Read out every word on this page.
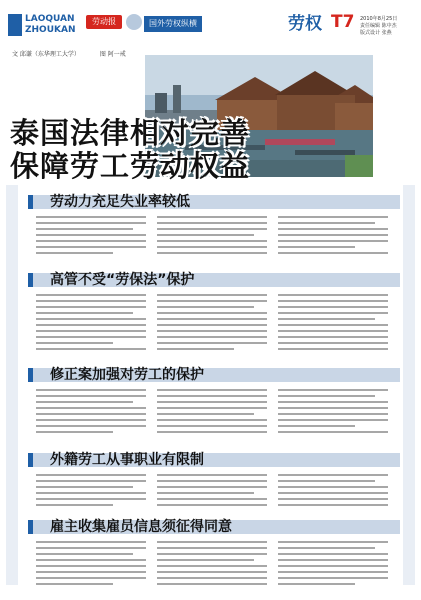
LAOQUAN
ZHOUKAN
劳动报	国外劳权纵横	劳权 T7 2010年8月25日
责任编辑 陈中杰
版式设计 张燕
文 邱谦（东华理工大学）	图 阿一戒
泰国法律相对完善
保障劳工劳动权益
劳动力充足失业率较低
高管不受“劳保法”保护
修正案加强对劳工的保护
外籍劳工从事职业有限制
雇主收集雇员信息须征得同意
